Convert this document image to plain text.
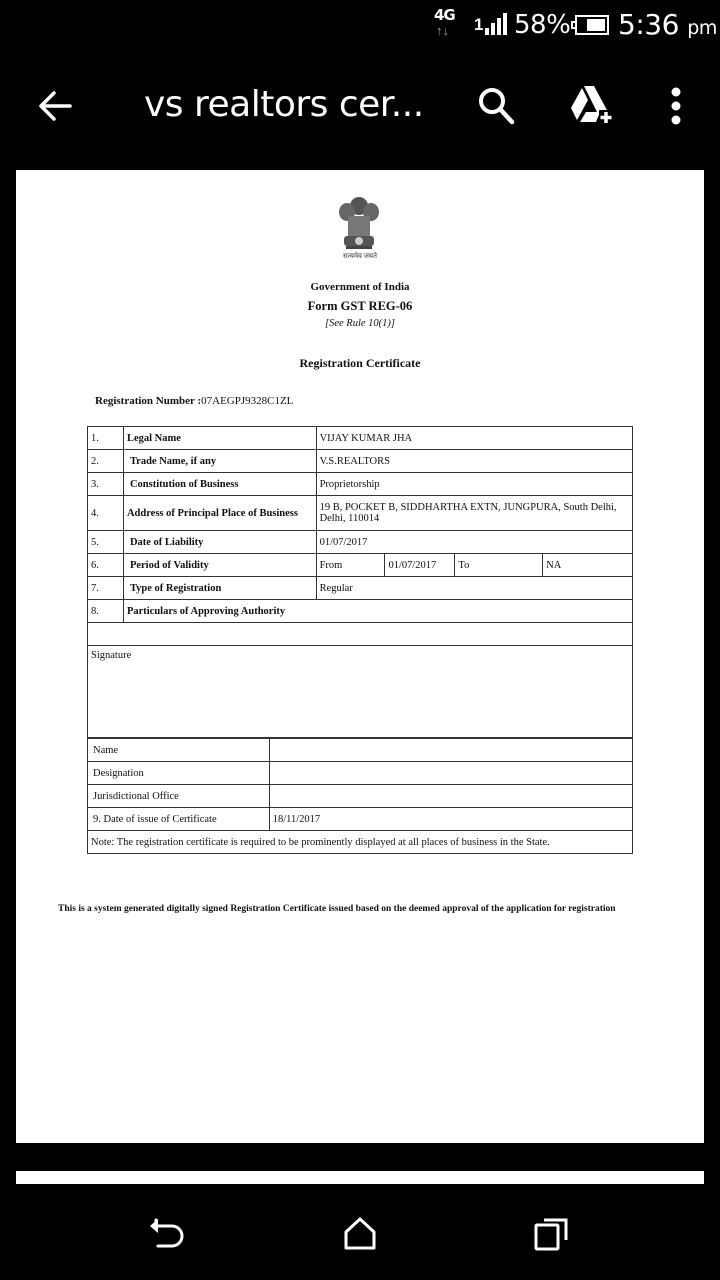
4G
↑↓ 1 58% 5:36 pm
vs realtors cer...
सत्यमेव जयते
Government of India
Form GST REG-06
[See Rule 10(1)]
Registration Certificate
Registration Number :07AEGPJ9328C1ZL
1.	Legal Name	VIJAY KUMAR JHA			
2.	Trade Name, if any	V.S.REALTORS			
3.	Constitution of Business	Proprietorship			
4.	Address of Principal Place of Business	19 B, POCKET B, SIDDHARTHA EXTN, JUNGPURA, South Delhi, Delhi, 110014			
5.	Date of Liability	01/07/2017			
6.	Period of Validity	From	01/07/2017	To	NA
7.	Type of Registration	Regular			
8.	Particulars of Approving Authority				

Signature					
Name	
Designation	
Jurisdictional Office	
9. Date of issue of Certificate	18/11/2017
Note: The registration certificate is required to be prominently displayed at all places of business in the State.	
This is a system generated digitally signed Registration Certificate issued based on the deemed approval of the application for registration
